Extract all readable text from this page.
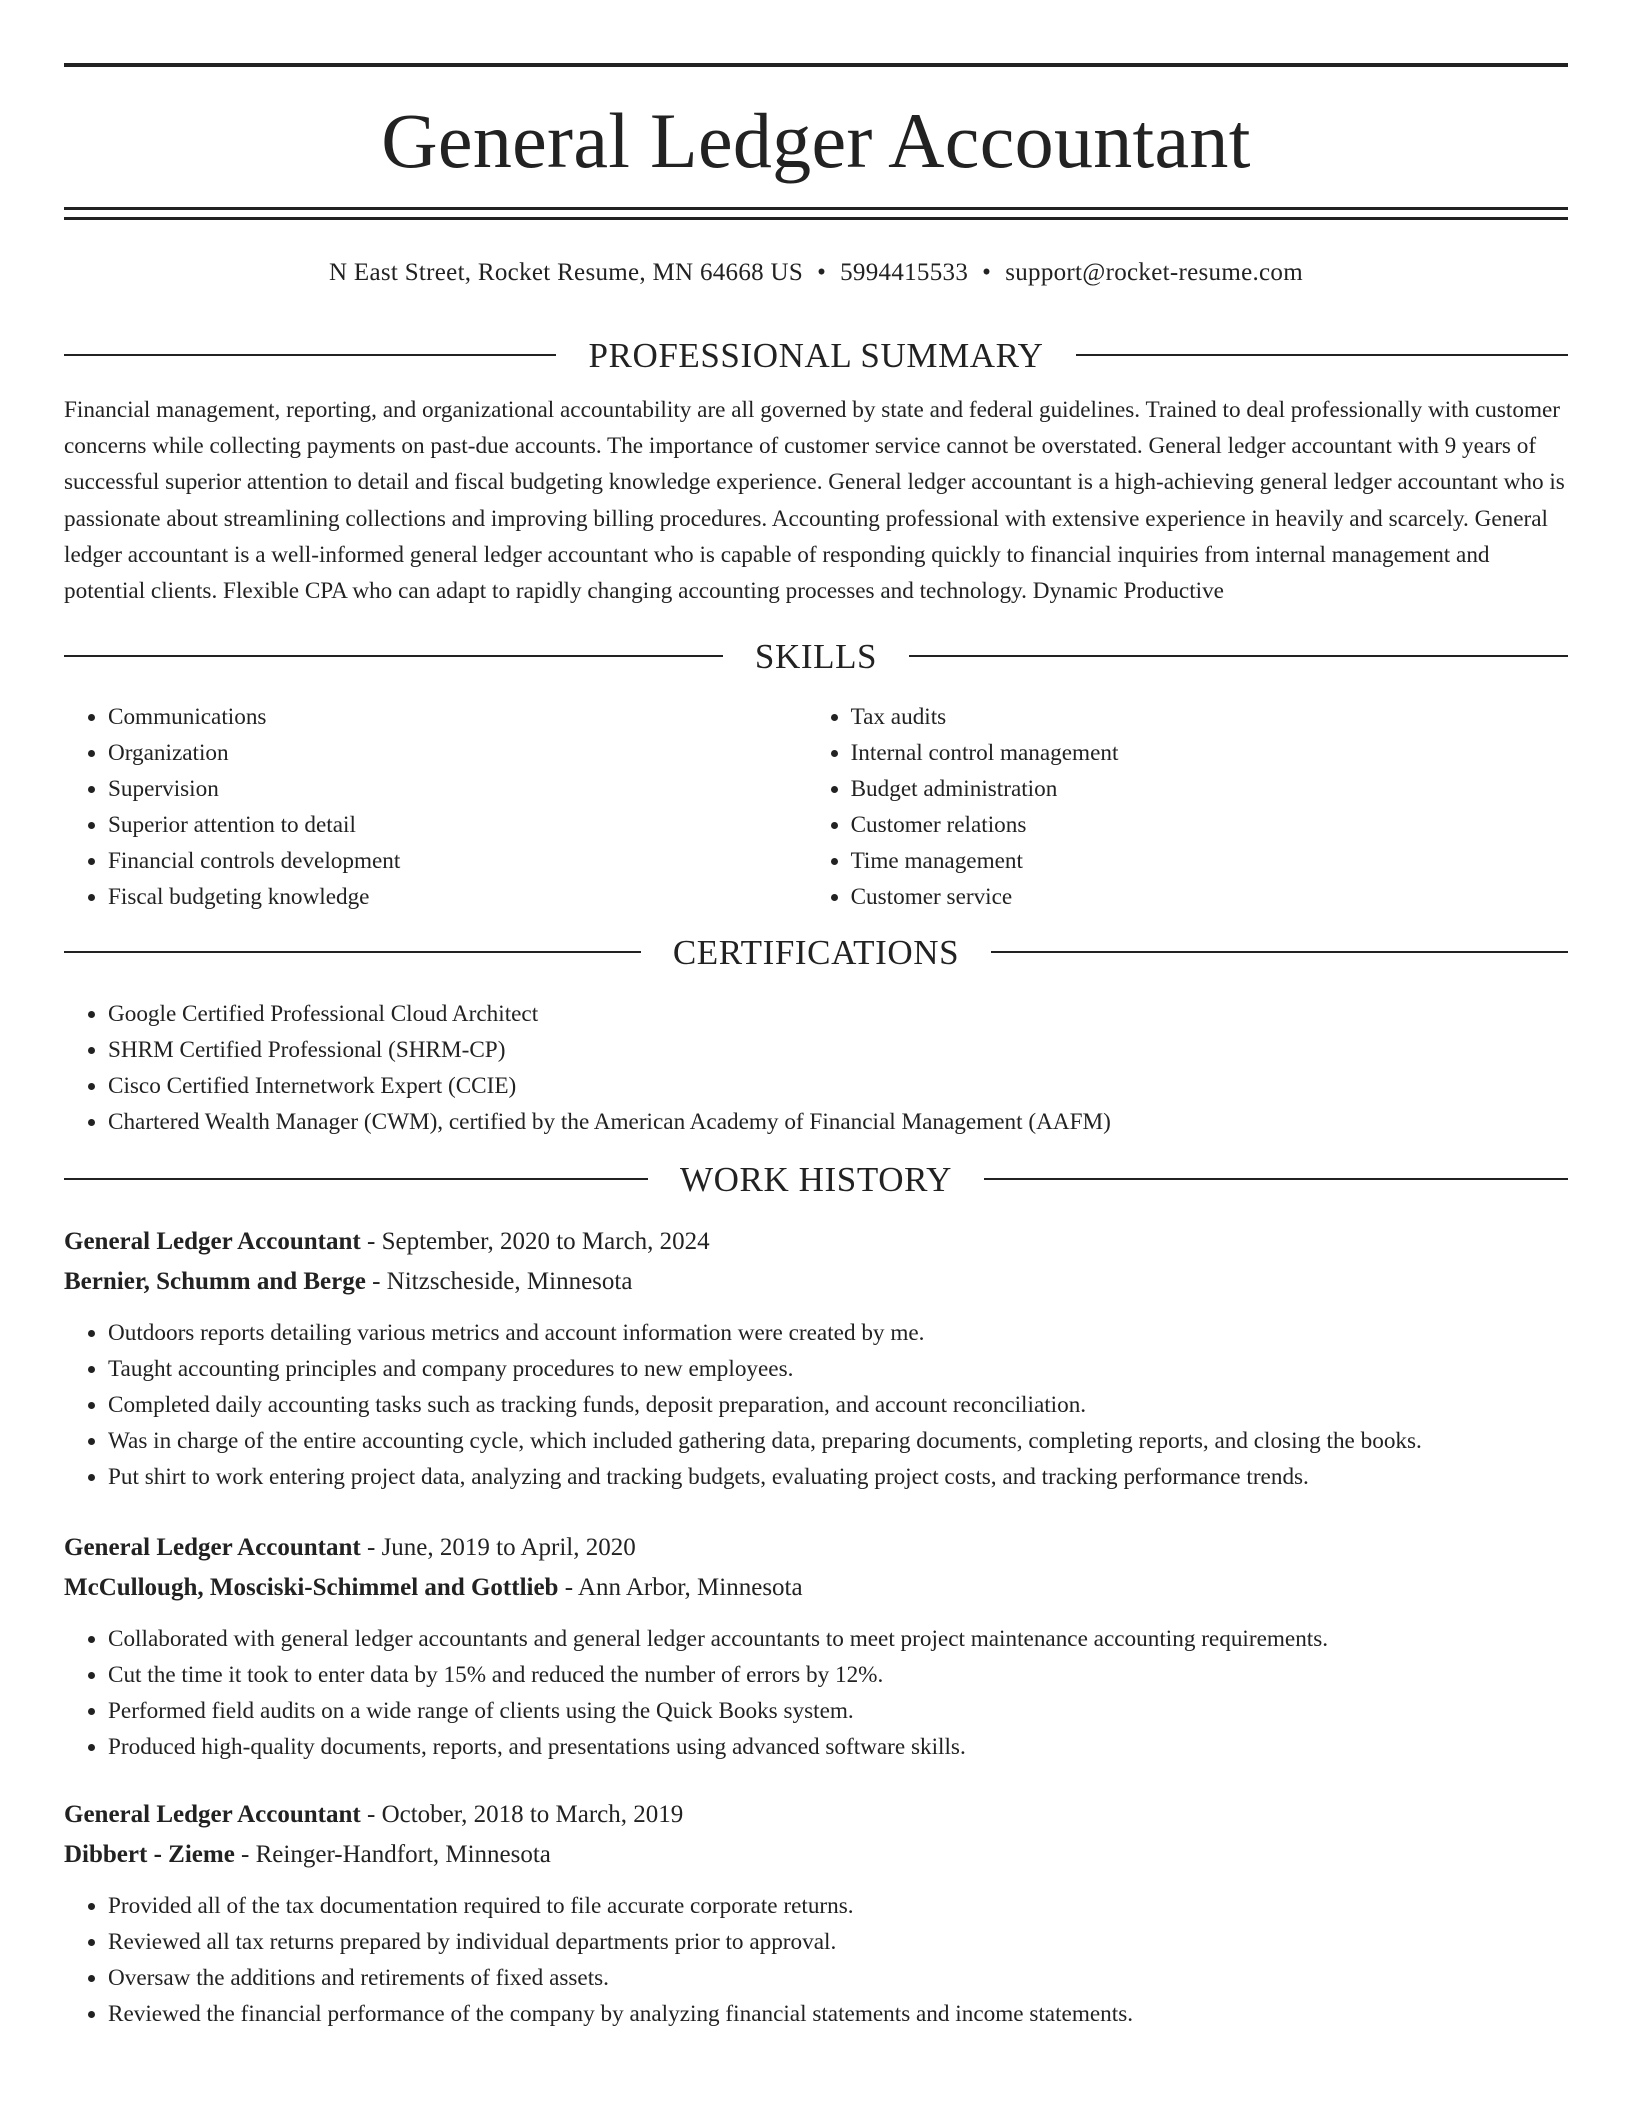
General Ledger Accountant
N East Street, Rocket Resume, MN 64668 US • 5994415533 • support@rocket-resume.com
PROFESSIONAL SUMMARY

Financial management, reporting, and organizational accountability are all governed by state and federal guidelines. Trained to deal professionally with customer concerns while collecting payments on past-due accounts. The importance of customer service cannot be overstated. General ledger accountant with 9 years of successful superior attention to detail and fiscal budgeting knowledge experience. General ledger accountant is a high-achieving general ledger accountant who is passionate about streamlining collections and improving billing procedures. Accounting professional with extensive experience in heavily and scarcely. General ledger accountant is a well-informed general ledger accountant who is capable of responding quickly to financial inquiries from internal management and potential clients. Flexible CPA who can adapt to rapidly changing accounting processes and technology. Dynamic Productive

SKILLS
• Communications
• Organization
• Supervision
• Superior attention to detail
• Financial controls development
• Fiscal budgeting knowledge
• Tax audits
• Internal control management
• Budget administration
• Customer relations
• Time management
• Customer service
CERTIFICATIONS
• Google Certified Professional Cloud Architect
• SHRM Certified Professional (SHRM-CP)
• Cisco Certified Internetwork Expert (CCIE)
• Chartered Wealth Manager (CWM), certified by the American Academy of Financial Management (AAFM)
WORK HISTORY
General Ledger Accountant - September, 2020 to March, 2024
Bernier, Schumm and Berge - Nitzscheside, Minnesota
• Outdoors reports detailing various metrics and account information were created by me.
• Taught accounting principles and company procedures to new employees.
• Completed daily accounting tasks such as tracking funds, deposit preparation, and account reconciliation.
• Was in charge of the entire accounting cycle, which included gathering data, preparing documents, completing reports, and closing the books.
• Put shirt to work entering project data, analyzing and tracking budgets, evaluating project costs, and tracking performance trends.
General Ledger Accountant - June, 2019 to April, 2020
McCullough, Mosciski-Schimmel and Gottlieb - Ann Arbor, Minnesota
• Collaborated with general ledger accountants and general ledger accountants to meet project maintenance accounting requirements.
• Cut the time it took to enter data by 15% and reduced the number of errors by 12%.
• Performed field audits on a wide range of clients using the Quick Books system.
• Produced high-quality documents, reports, and presentations using advanced software skills.
General Ledger Accountant - October, 2018 to March, 2019
Dibbert - Zieme - Reinger-Handfort, Minnesota
• Provided all of the tax documentation required to file accurate corporate returns.
• Reviewed all tax returns prepared by individual departments prior to approval.
• Oversaw the additions and retirements of fixed assets.
• Reviewed the financial performance of the company by analyzing financial statements and income statements.
